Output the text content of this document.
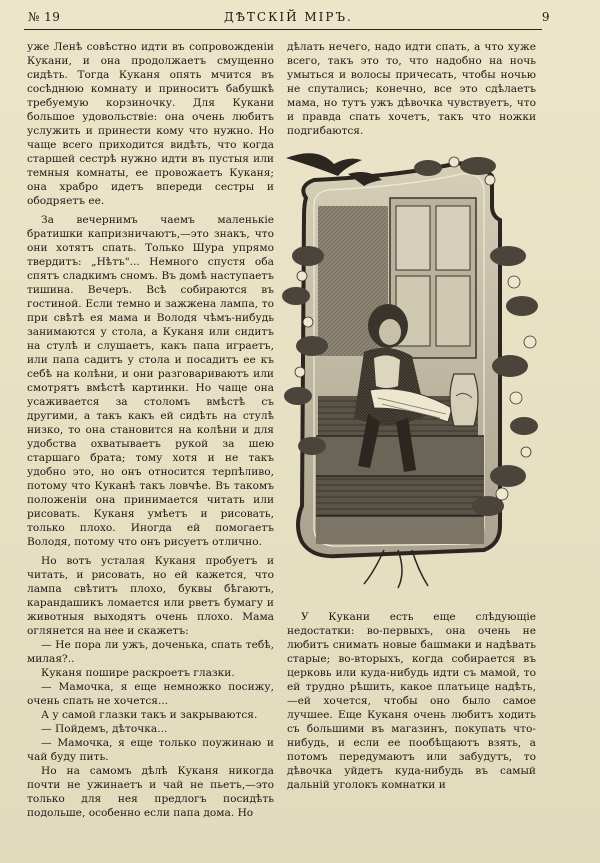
№ 19	ДѢТСКІЙ МІРЪ.	9

уже Ленѣ совѣстно идти въ сопровожденіи Кукани, и она продолжаетъ смущенно сидѣть. Тогда Куканя опять мчится въ сосѣднюю комнату и приноситъ бабушкѣ требуемую корзиночку. Для Кукани большое удовольствіе: она очень любитъ услужить и принести кому что нужно. Но чаще всего приходится видѣть, что когда старшей сестрѣ нужно идти въ пустыя или темныя комнаты, ее провожаетъ Куканя; она храбро идетъ впереди сестры и ободряетъ ее.

За вечернимъ чаемъ маленькіе братишки капризничаютъ,—это знакъ, что они хотятъ спать. Только Шура упрямо твердитъ: „Нѣтъ"... Немного спустя оба спятъ сладкимъ сномъ. Въ домѣ наступаетъ тишина. Вечеръ. Всѣ собираются въ гостиной. Если темно и зажжена лампа, то при свѣтѣ ея мама и Володя чѣмъ-нибудь занимаются у стола, а Куканя или сидитъ на стулѣ и слушаетъ, какъ папа играетъ, или папа садитъ у стола и посадитъ ее къ себѣ на колѣни, и они разговариваютъ или смотрятъ вмѣстѣ картинки. Но чаще она усаживается за столомъ вмѣстѣ съ другими, а такъ какъ ей сидѣть на стулѣ низко, то она становится на колѣни и для удобства охватываетъ рукой за шею старшаго брата; тому хотя и не такъ удобно это, но онъ относится терпѣливо, потому что Куканѣ такъ ловчѣе. Въ такомъ положеніи она принимается читать или рисовать. Куканя умѣетъ и рисовать, только плохо. Иногда ей помогаетъ Володя, потому что онъ рисуетъ отлично.

Но вотъ усталая Куканя пробуетъ и читать, и рисовать, но ей кажется, что лампа свѣтитъ плохо, буквы бѣгаютъ, карандашикъ ломается или рветъ бумагу и животныя выходятъ очень плохо. Мама оглянется на нее и скажетъ:

— Не пора ли ужъ, доченька, спать тебѣ, милая?..

Куканя пошире раскроетъ глазки.

— Мамочка, я еще немножко посижу, очень спать не хочется...

А у самой глазки такъ и закрываются.

— Пойдемъ, дѣточка...

— Мамочка, я еще только поужинаю и чай буду пить.

Но на самомъ дѣлѣ Куканя никогда почти не ужинаетъ и чай не пьетъ,—это только для нея предлогъ посидѣть подольше, особенно если папа дома. Но

дѣлать нечего, надо идти спать, а что хуже всего, такъ это то, что надобно на ночь умыться и волосы причесать, чтобы ночью не спутались; конечно, все это сдѣлаетъ мама, но тутъ ужъ дѣвочка чувствуетъ, что и правда спать хочетъ, такъ что ножки подгибаются.

У Кукани есть еще слѣдующіе недостатки: во-первыхъ, она очень не любитъ снимать новые башмаки и надѣвать старые; во-вторыхъ, когда собирается въ церковь или куда-нибудь идти съ мамой, то ей трудно рѣшить, какое платьице надѣть,—ей хочется, чтобы оно было самое лучшее. Еще Куканя очень любитъ ходить съ большими въ магазинъ, покупать что-нибудь, и если ее пообѣщаютъ взять, а потомъ передумаютъ или забудутъ, то дѣвочка уйдетъ куда-нибудь въ самый дальній уголокъ комнатки и
